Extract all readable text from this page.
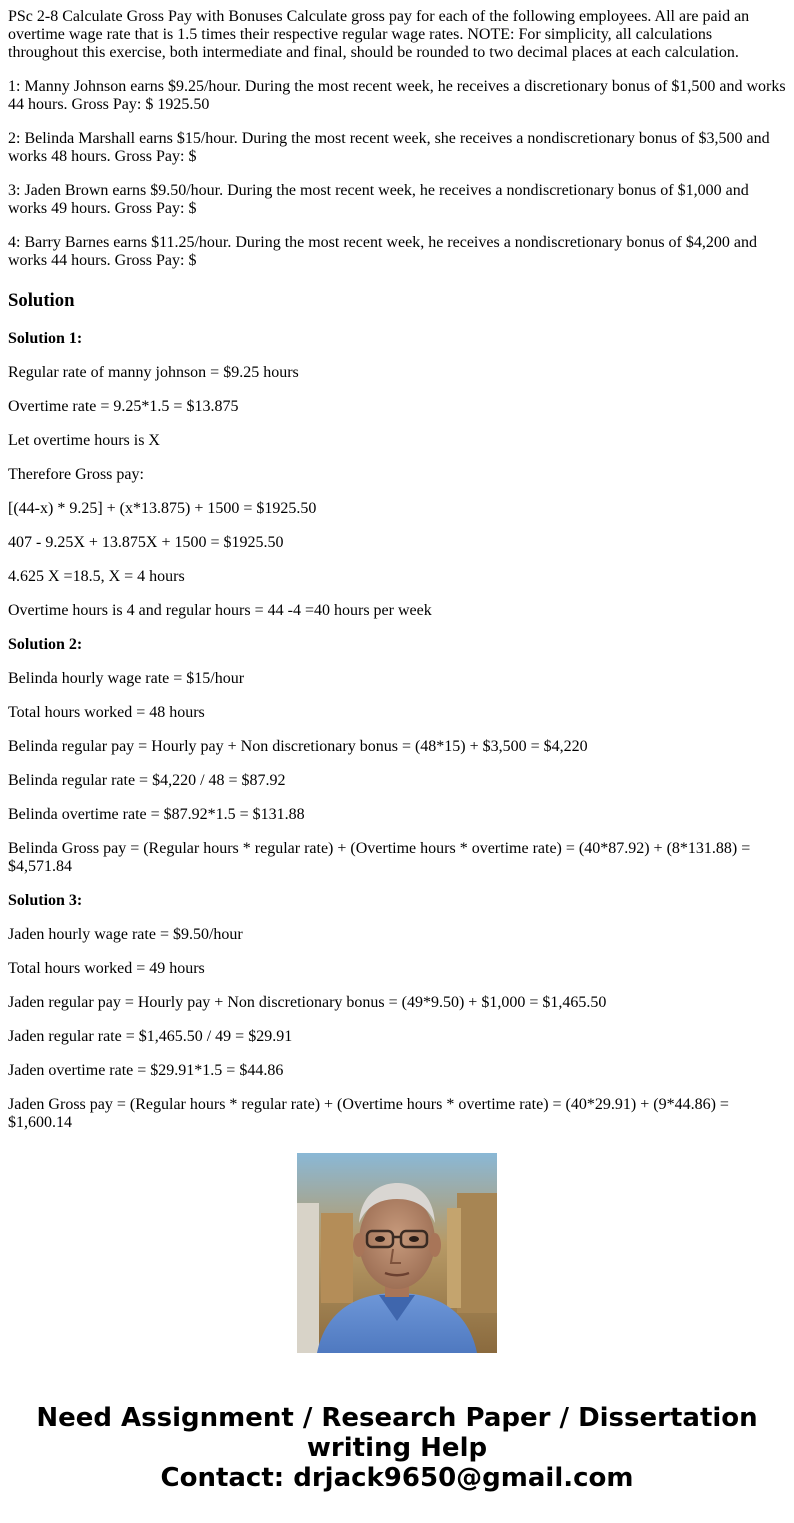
PSc 2-8 Calculate Gross Pay with Bonuses Calculate gross pay for each of the following employees. All are paid an overtime wage rate that is 1.5 times their respective regular wage rates. NOTE: For simplicity, all calculations throughout this exercise, both intermediate and final, should be rounded to two decimal places at each calculation.

1: Manny Johnson earns $9.25/hour. During the most recent week, he receives a discretionary bonus of $1,500 and works 44 hours. Gross Pay: $ 1925.50

2: Belinda Marshall earns $15/hour. During the most recent week, she receives a nondiscretionary bonus of $3,500 and works 48 hours. Gross Pay: $

3: Jaden Brown earns $9.50/hour. During the most recent week, he receives a nondiscretionary bonus of $1,000 and works 49 hours. Gross Pay: $

4: Barry Barnes earns $11.25/hour. During the most recent week, he receives a nondiscretionary bonus of $4,200 and works 44 hours. Gross Pay: $

Solution

Solution 1:

Regular rate of manny johnson = $9.25 hours

Overtime rate = 9.25*1.5 = $13.875

Let overtime hours is X

Therefore Gross pay:

[(44-x) * 9.25] + (x*13.875) + 1500 = $1925.50

407 - 9.25X + 13.875X + 1500 = $1925.50

4.625 X =18.5, X = 4 hours

Overtime hours is 4 and regular hours = 44 -4 =40 hours per week

Solution 2:

Belinda hourly wage rate = $15/hour

Total hours worked = 48 hours

Belinda regular pay = Hourly pay + Non discretionary bonus = (48*15) + $3,500 = $4,220

Belinda regular rate = $4,220 / 48 = $87.92

Belinda overtime rate = $87.92*1.5 = $131.88

Belinda Gross pay = (Regular hours * regular rate) + (Overtime hours * overtime rate) = (40*87.92) + (8*131.88) = $4,571.84

Solution 3:

Jaden hourly wage rate = $9.50/hour

Total hours worked = 49 hours

Jaden regular pay = Hourly pay + Non discretionary bonus = (49*9.50) + $1,000 = $1,465.50

Jaden regular rate = $1,465.50 / 49 = $29.91

Jaden overtime rate = $29.91*1.5 = $44.86

Jaden Gross pay = (Regular hours * regular rate) + (Overtime hours * overtime rate) = (40*29.91) + (9*44.86) = $1,600.14

Need Assignment / Research Paper / Dissertation
writing Help
Contact: drjack9650@gmail.com
